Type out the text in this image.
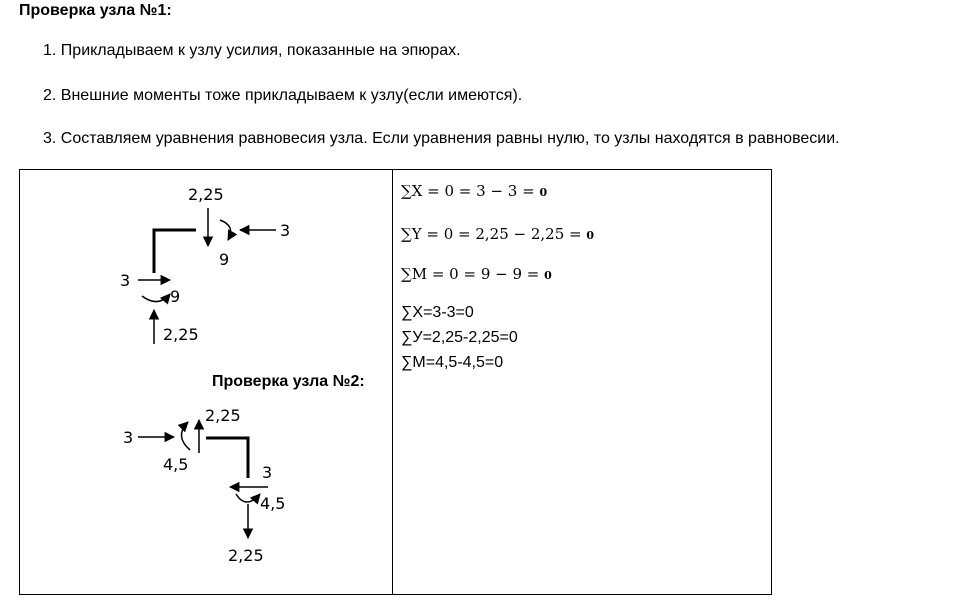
Проверка узла №1:
1. Прикладываем к узлу усилия, показанные на эпюрах.
2. Внешние моменты тоже прикладываем к узлу(если имеются).
3. Составляем уравнения равновесия узла. Если уравнения равны нулю, то узлы находятся в равновесии.
2,25
3
9
3
9
2,25
3
4,5
2,25
3
4,5
2,25
Проверка узла №2:
∑X = 0 = 3 − 3 = 0
∑Y = 0 = 2,25 − 2,25 = 0
∑M = 0 = 9 − 9 = 0
∑X=3-3=0
∑У=2,25-2,25=0
∑M=4,5-4,5=0
